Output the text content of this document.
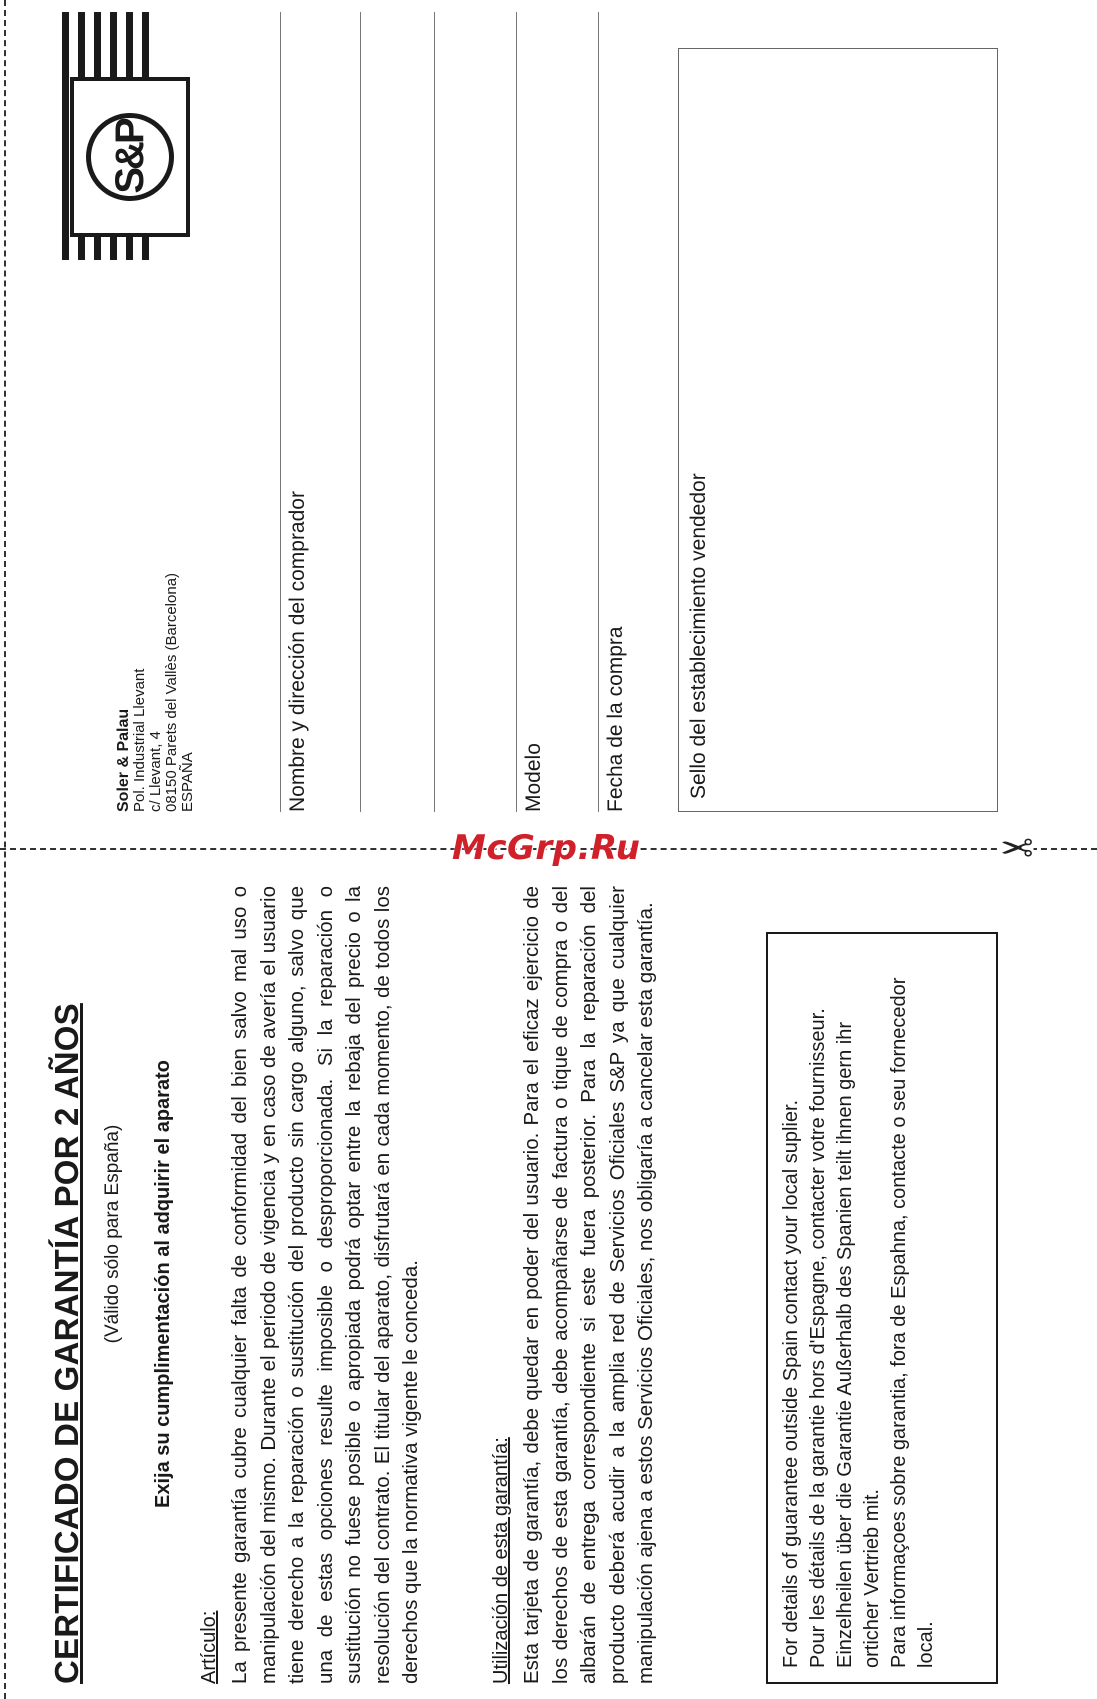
CERTIFICADO DE GARANTÍA POR 2 AÑOS (Válido sólo para España) Exija su cumplimentación al adquirir el aparato
Artículo: La presente garantía cubre cualquier falta de conformidad del bien salvo mal uso o manipulación del mismo. Durante el periodo de vigencia y en caso de avería el usuario tiene derecho a la reparación o sustitución del producto sin cargo alguno, salvo que una de estas opciones resulte imposible o desproporcionada. Si la reparación o sustitución no fuese posible o apropiada podrá optar entre la rebaja del precio o la resolución del contrato. El titular del aparato, disfrutará en cada momento, de todos los derechos que la normativa vigente le conceda.	Utilización de esta garantía: Esta tarjeta de garantía, debe quedar en poder del usuario. Para el eficaz ejercicio de los derechos de esta garantía, debe acompañarse de factura o tique de compra o del albarán de entrega correspondiente si este fuera posterior. Para la reparación del producto deberá acudir a la amplia red de Servicios Oficiales S&P ya que cualquier manipulación ajena a estos Servicios Oficiales, nos obligaría a cancelar esta garantía.	For details of guarantee outside Spain contact your local suplier. Pour les détails de la garantie hors d'Espagne, contacter votre fournisseur. Einzelheilen über die Garantie Außerhalb des Spanien teilt ihnen gern ihr orticher Vertrieb mit. Para informaçoes sobre garantia, fora de Espahna, contacte o seu fornecedor local.

S&P
Soler & Palau Pol. Industrial Llevant c/ Llevant, 4 08150 Parets del Vallès (Barcelona) ESPAÑA	Nombre y dirección del comprador	Modelo	Fecha de la compra	Sello del establecimiento vendedor
McGrp.Ru	✂
